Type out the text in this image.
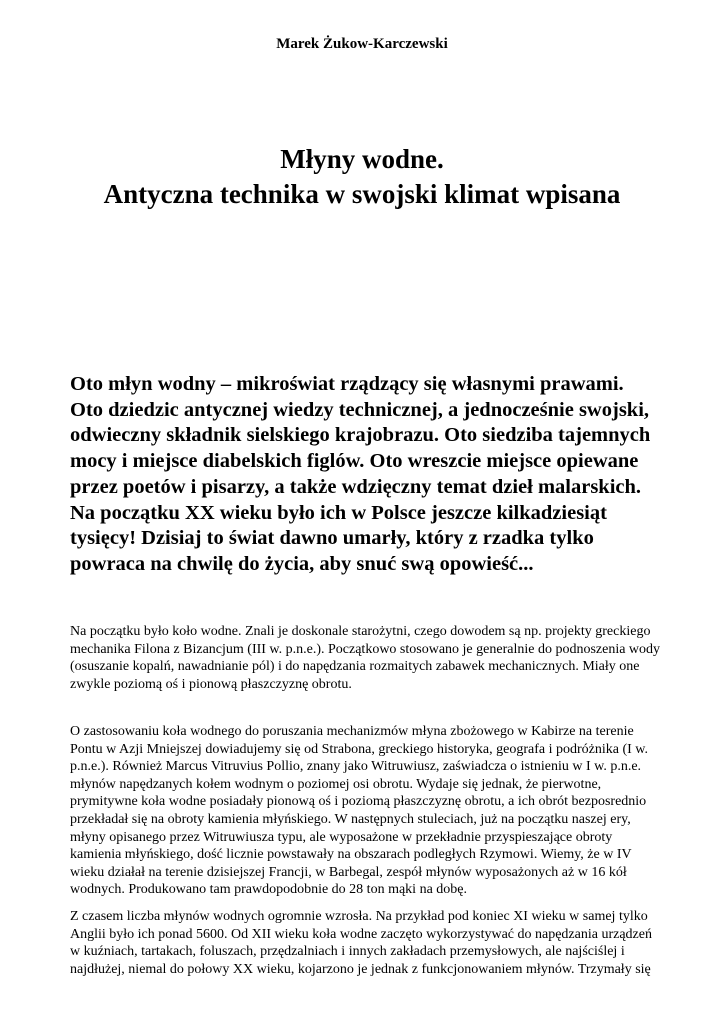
Marek Żukow-Karczewski
Młyny wodne.
Antyczna technika w swojski klimat wpisana
Oto młyn wodny – mikroświat rządzący się własnymi prawami.
Oto dziedzic antycznej wiedzy technicznej, a jednocześnie swojski,
odwieczny składnik sielskiego krajobrazu. Oto siedziba tajemnych
mocy i miejsce diabelskich figlów. Oto wreszcie miejsce opiewane
przez poetów i pisarzy, a także wdzięczny temat dzieł malarskich.
Na początku XX wieku było ich w Polsce jeszcze kilkadziesiąt
tysięcy! Dzisiaj to świat dawno umarły, który z rzadka tylko
powraca na chwilę do życia, aby snuć swą opowieść...
Na początku było koło wodne. Znali je doskonale starożytni, czego dowodem są np. projekty greckiego
mechanika Filona z Bizancjum (III w. p.n.e.). Początkowo stosowano je generalnie do podnoszenia wody
(osuszanie kopalń, nawadnianie pól) i do napędzania rozmaitych zabawek mechanicznych. Miały one
zwykle poziomą oś i pionową płaszczyznę obrotu.
O zastosowaniu koła wodnego do poruszania mechanizmów młyna zbożowego w Kabirze na terenie
Pontu w Azji Mniejszej dowiadujemy się od Strabona, greckiego historyka, geografa i podróżnika (I w.
p.n.e.). Również Marcus Vitruvius Pollio, znany jako Witruwiusz, zaświadcza o istnieniu w I w. p.n.e.
młynów napędzanych kołem wodnym o poziomej osi obrotu. Wydaje się jednak, że pierwotne,
prymitywne koła wodne posiadały pionową oś i poziomą płaszczyznę obrotu, a ich obrót bezposrednio
przekładał się na obroty kamienia młyńskiego. W następnych stuleciach, już na początku naszej ery,
młyny opisanego przez Witruwiusza typu, ale wyposażone w przekładnie przyspieszające obroty
kamienia młyńskiego, dość licznie powstawały na obszarach podległych Rzymowi. Wiemy, że w IV
wieku działał na terenie dzisiejszej Francji, w Barbegal, zespół młynów wyposażonych aż w 16 kół
wodnych. Produkowano tam prawdopodobnie do 28 ton mąki na dobę.
Z czasem liczba młynów wodnych ogromnie wzrosła. Na przykład pod koniec XI wieku w samej tylko
Anglii było ich ponad 5600. Od XII wieku koła wodne zaczęto wykorzystywać do napędzania urządzeń
w kuźniach, tartakach, foluszach, przędzalniach i innych zakładach przemysłowych, ale najściślej i
najdłużej, niemal do połowy XX wieku, kojarzono je jednak z funkcjonowaniem młynów. Trzymały się
